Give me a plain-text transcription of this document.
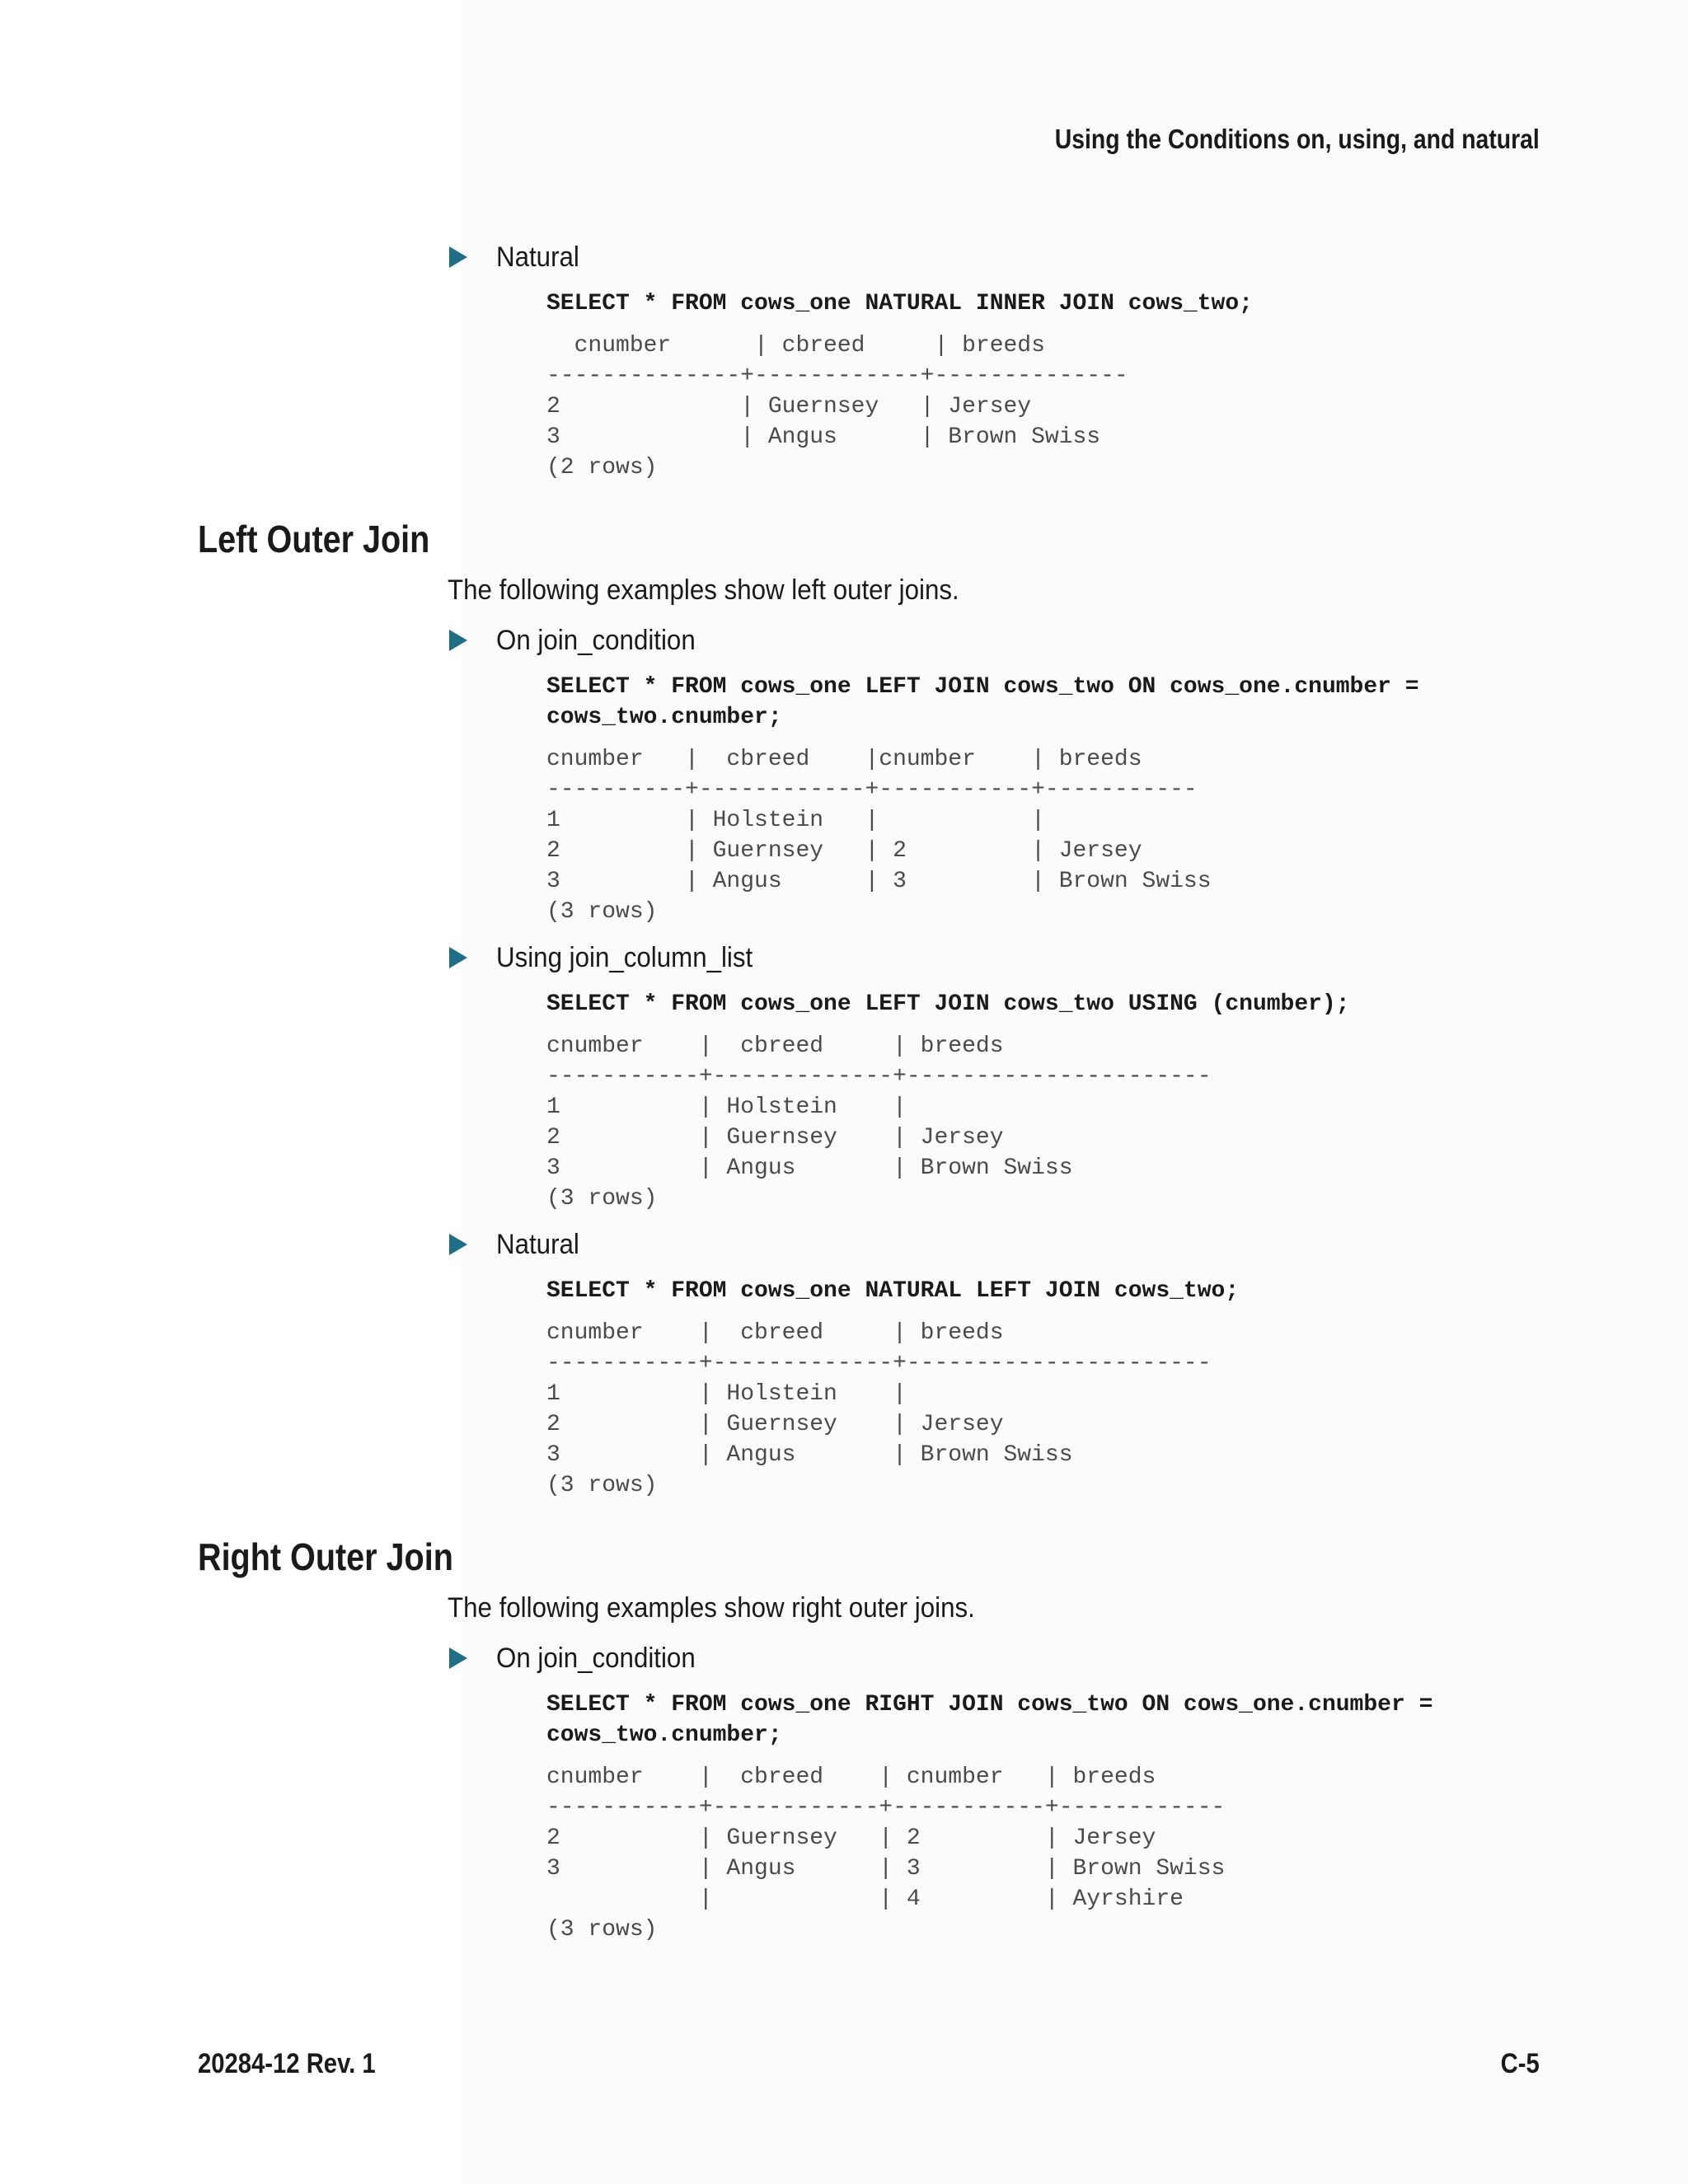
Using the Conditions on, using, and natural
Natural
SELECT * FROM cows_one NATURAL INNER JOIN cows_two;
cnumber      | cbreed     | breeds
--------------+------------+--------------
2             | Guernsey   | Jersey
3             | Angus      | Brown Swiss
(2 rows)
Left Outer Join
The following examples show left outer joins.
On join_condition
SELECT * FROM cows_one LEFT JOIN cows_two ON cows_one.cnumber =
cows_two.cnumber;
cnumber   |  cbreed    |cnumber    | breeds
----------+------------+-----------+-----------
1         | Holstein   |           |
2         | Guernsey   | 2         | Jersey
3         | Angus      | 3         | Brown Swiss
(3 rows)
Using join_column_list
SELECT * FROM cows_one LEFT JOIN cows_two USING (cnumber);
cnumber    |  cbreed     | breeds
-----------+-------------+----------------------
1          | Holstein    |
2          | Guernsey    | Jersey
3          | Angus       | Brown Swiss
(3 rows)
Natural
SELECT * FROM cows_one NATURAL LEFT JOIN cows_two;
cnumber    |  cbreed     | breeds
-----------+-------------+----------------------
1          | Holstein    |
2          | Guernsey    | Jersey
3          | Angus       | Brown Swiss
(3 rows)
Right Outer Join
The following examples show right outer joins.
On join_condition
SELECT * FROM cows_one RIGHT JOIN cows_two ON cows_one.cnumber =
cows_two.cnumber;
cnumber    |  cbreed    | cnumber   | breeds
-----------+------------+-----------+------------
2          | Guernsey   | 2         | Jersey
3          | Angus      | 3         | Brown Swiss
|            | 4         | Ayrshire
(3 rows)
20284-12 Rev. 1	C-5
